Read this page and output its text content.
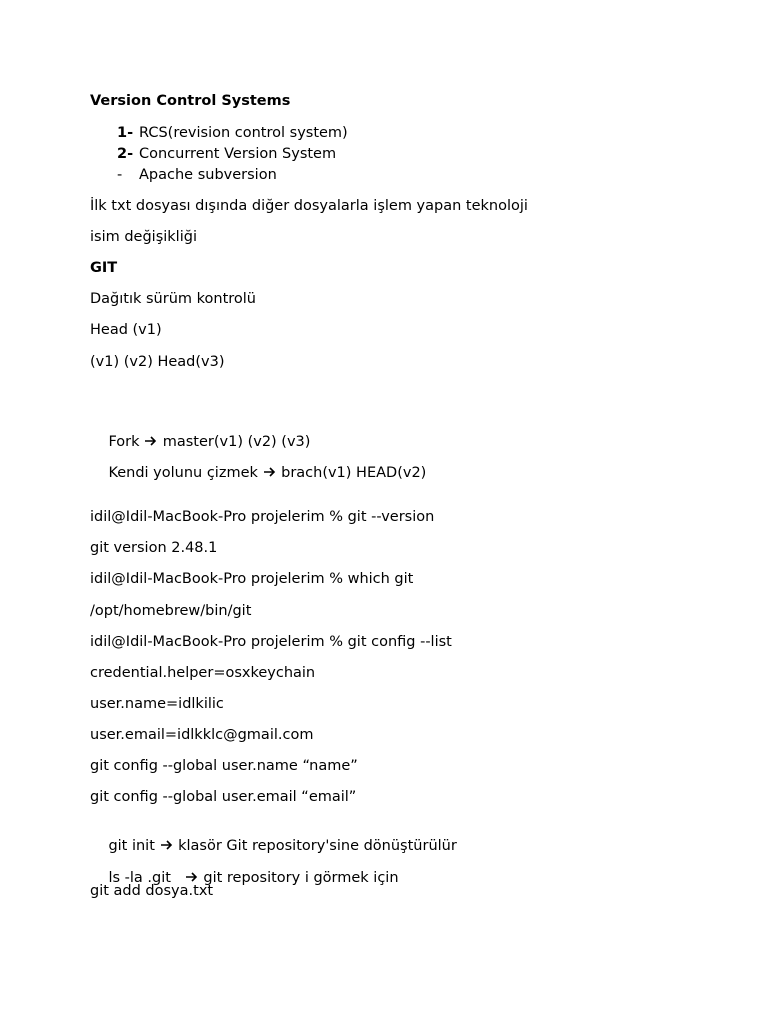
Version Control Systems
1- RCS(revision control system)
2- Concurrent Version System
- Apache subversion
İlk txt dosyası dışında diğer dosyalarla işlem yapan teknoloji
isim değişikliği
GIT
Dağıtık sürüm kontrolü
Head (v1)
(v1) (v2) Head(v3)

Fork  master(v1) (v2) (v3)

Kendi yolunu çizmek  brach(v1) HEAD(v2)

idil@Idil-MacBook-Pro projelerim % git --version
git version 2.48.1
idil@Idil-MacBook-Pro projelerim % which git
/opt/homebrew/bin/git
idil@Idil-MacBook-Pro projelerim % git config --list
credential.helper=osxkeychain
user.name=idlkilic
user.email=idlkklc@gmail.com
git config --global user.name “name”
git config --global user.email “email”

git init  klasör Git repository'sine dönüştürülür

ls -la .git    git repository i görmek için

git add dosya.txt
